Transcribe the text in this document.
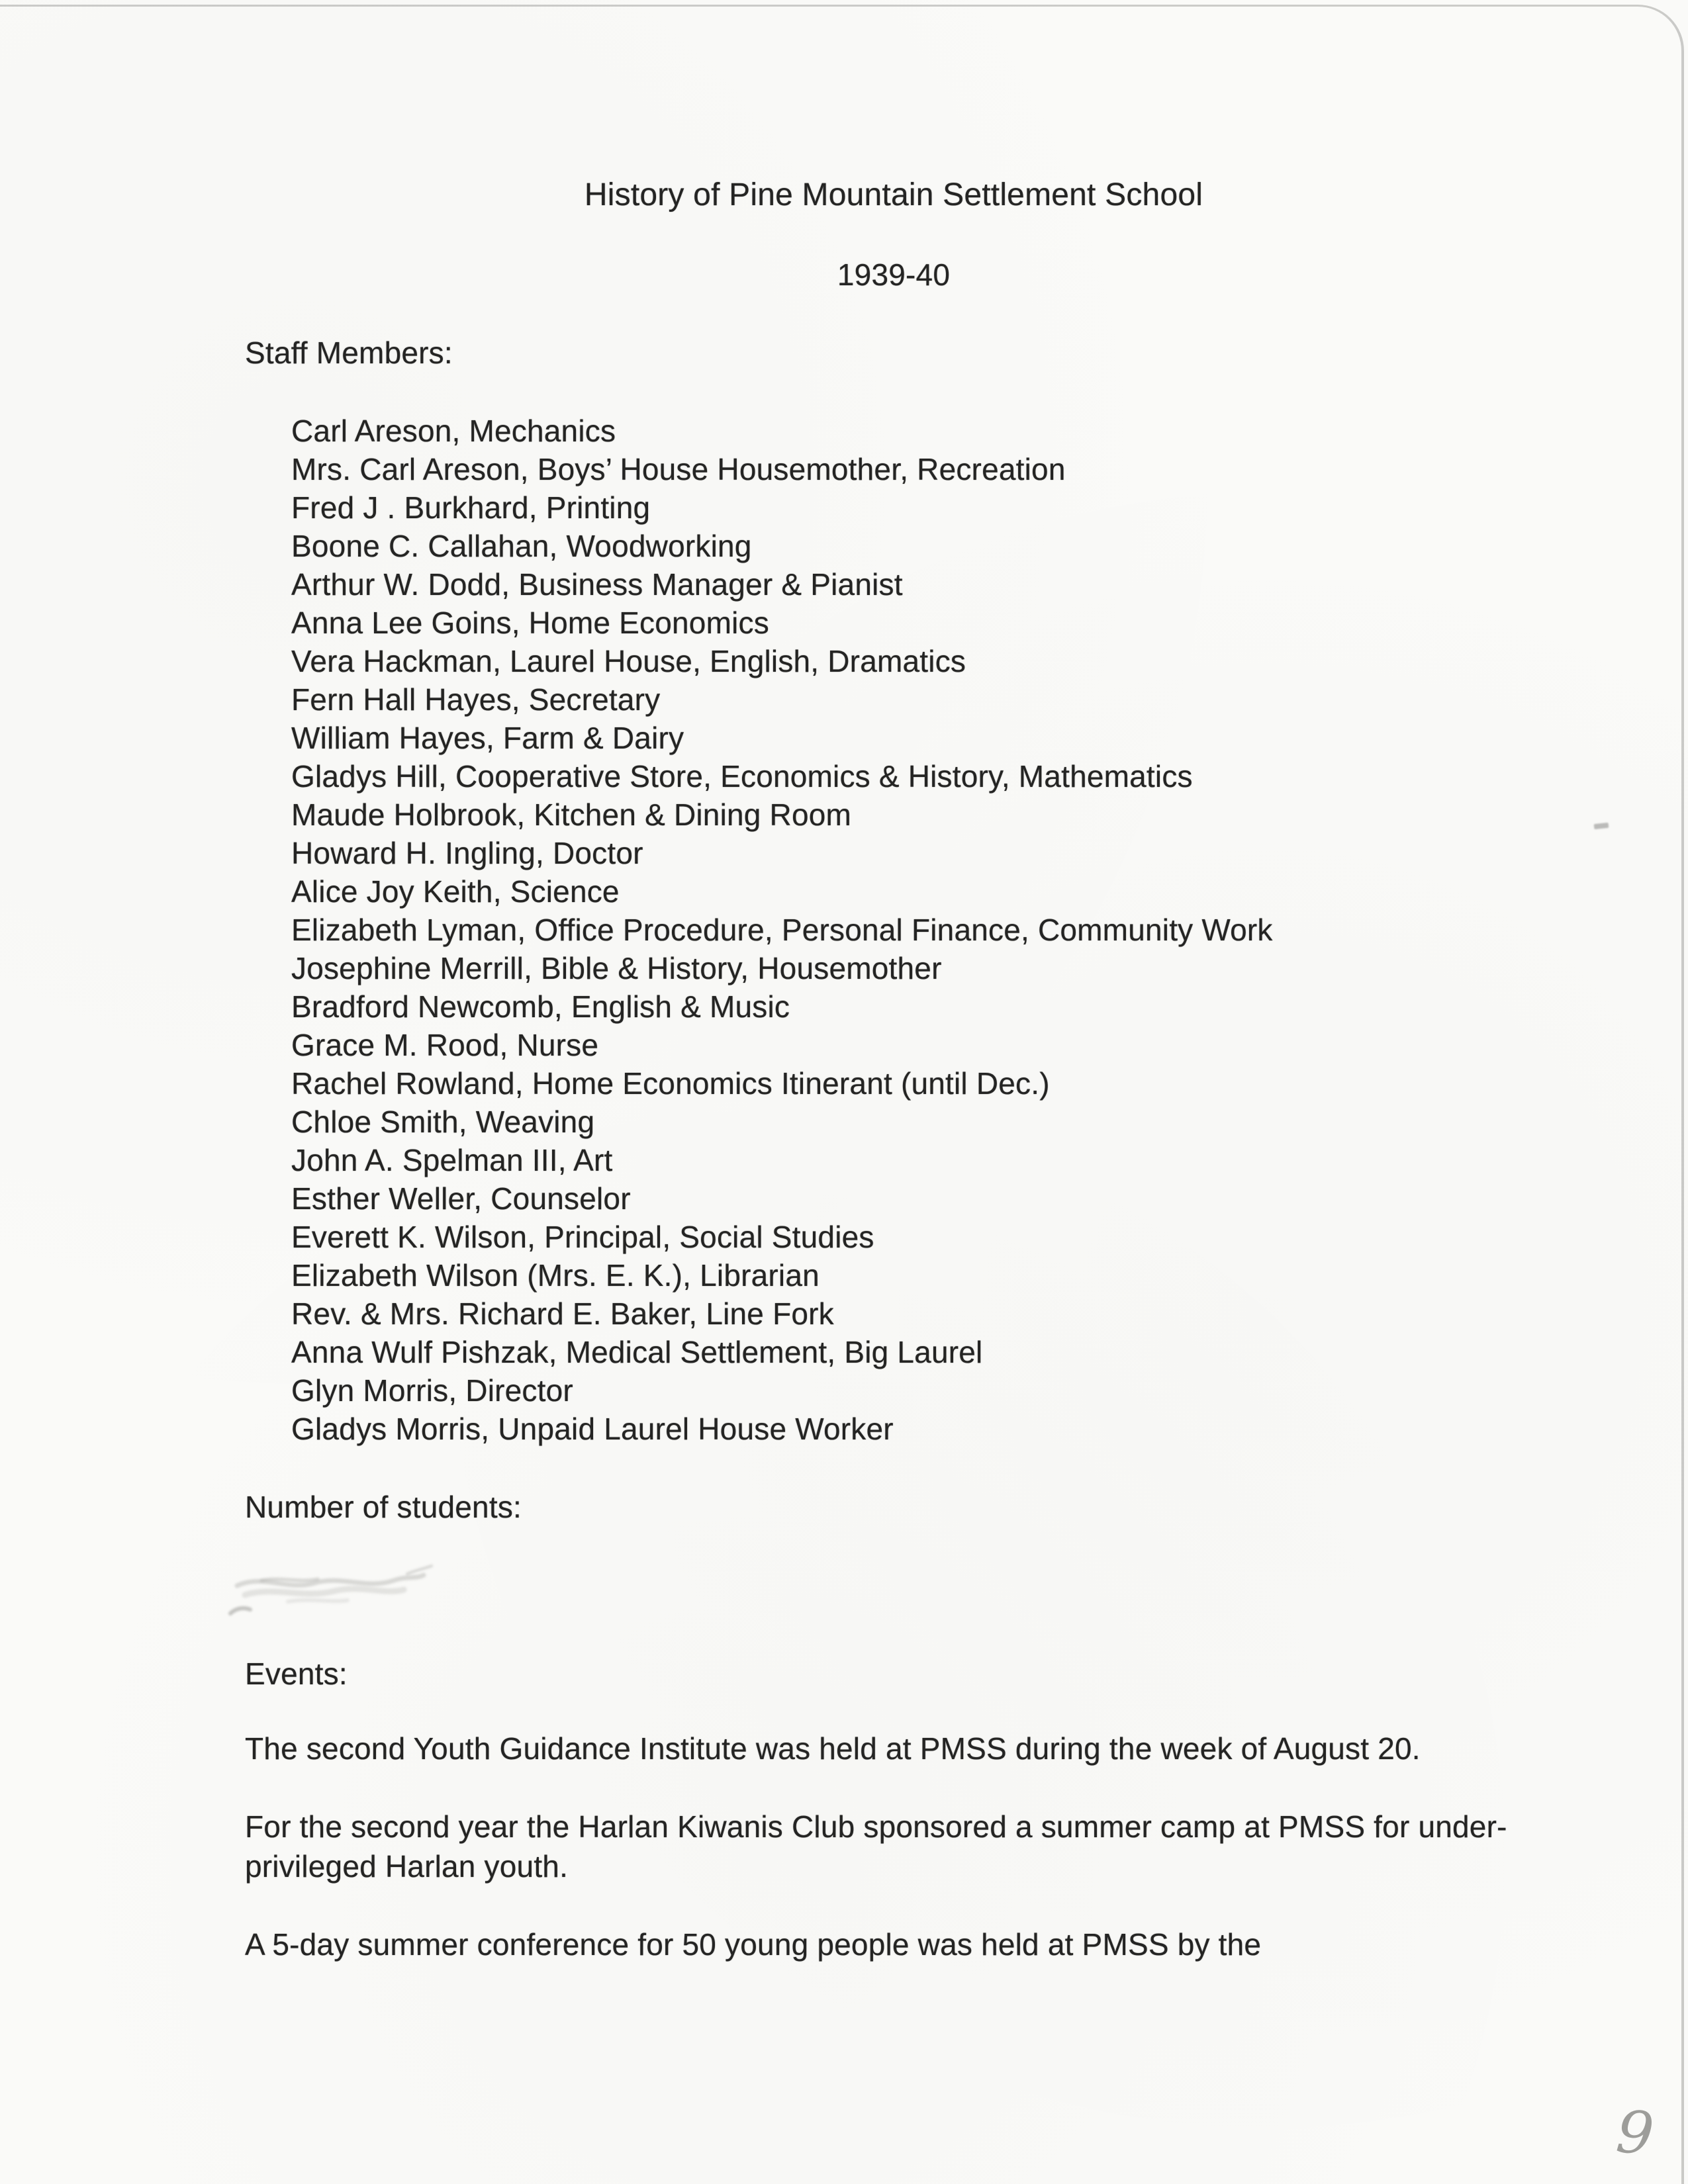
History of Pine Mountain Settlement School
1939-40
Staff Members:
Carl Areson, Mechanics
Mrs. Carl Areson, Boys’ House Housemother, Recreation
Fred J . Burkhard, Printing
Boone C. Callahan, Woodworking
Arthur W. Dodd, Business Manager & Pianist
Anna Lee Goins, Home Economics
Vera Hackman, Laurel House, English, Dramatics
Fern Hall Hayes, Secretary
William Hayes, Farm & Dairy
Gladys Hill, Cooperative Store, Economics & History, Mathematics
Maude Holbrook, Kitchen & Dining Room
Howard H. Ingling, Doctor
Alice Joy Keith, Science
Elizabeth Lyman, Office Procedure, Personal Finance, Community Work
Josephine Merrill, Bible & History, Housemother
Bradford Newcomb, English & Music
Grace M. Rood, Nurse
Rachel Rowland, Home Economics Itinerant (until Dec.)
Chloe Smith, Weaving
John A. Spelman III, Art
Esther Weller, Counselor
Everett K. Wilson, Principal, Social Studies
Elizabeth Wilson (Mrs. E. K.), Librarian
Rev. & Mrs. Richard E. Baker, Line Fork
Anna Wulf Pishzak, Medical Settlement, Big Laurel
Glyn Morris, Director
Gladys Morris, Unpaid Laurel House Worker
Number of students:
Events:

The second Youth Guidance Institute was held at PMSS during the week of August 20.

For the second year the Harlan Kiwanis Club sponsored a summer camp at PMSS for under-privileged Harlan youth.

A 5-day summer conference for 50 young people was held at PMSS by the

9
